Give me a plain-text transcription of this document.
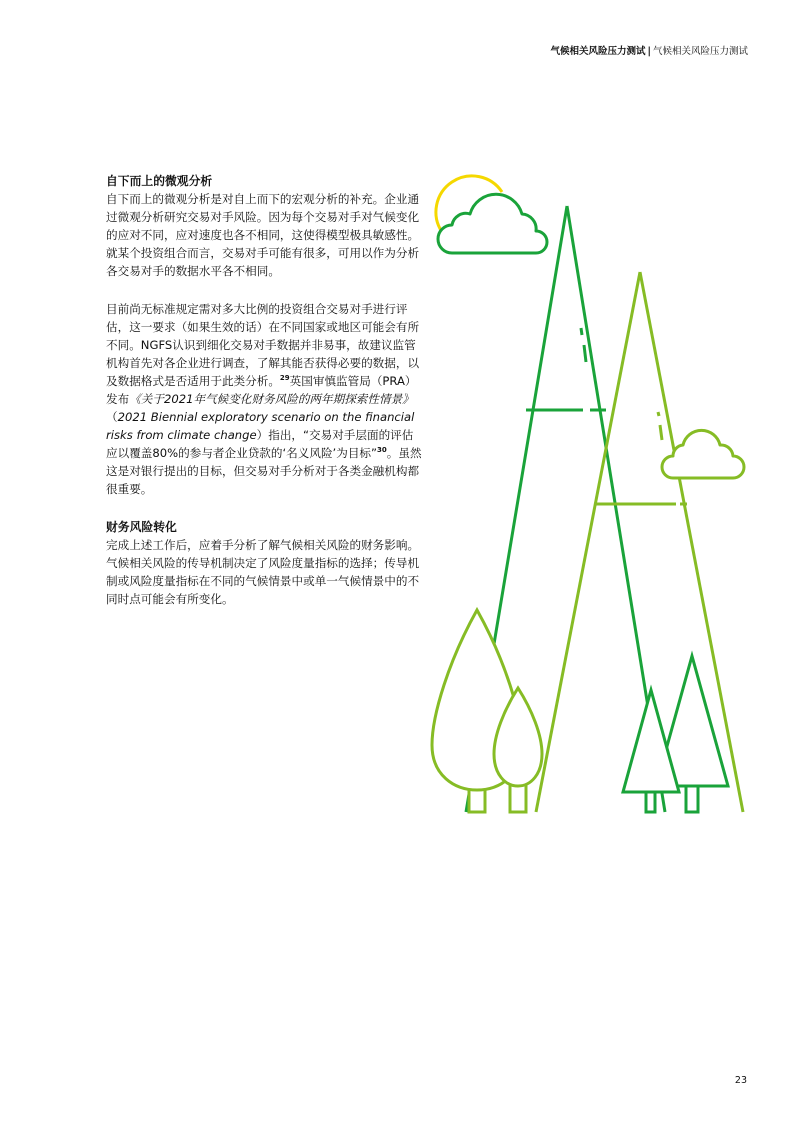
气候相关风险压力测试 | 气候相关风险压力测试
自下而上的微观分析

自下而上的微观分析是对自上而下的宏观分析的补充。企业通过微观分析研究交易对手风险。因为每个交易对手对气候变化的应对不同，应对速度也各不相同，这使得模型极具敏感性。就某个投资组合而言，交易对手可能有很多，可用以作为分析各交易对手的数据水平各不相同。

目前尚无标准规定需对多大比例的投资组合交易对手进行评估，这一要求（如果生效的话）在不同国家或地区可能会有所不同。NGFS认识到细化交易对手数据并非易事，故建议监管机构首先对各企业进行调查，了解其能否获得必要的数据，以及数据格式是否适用于此类分析。$^{29}$英国审慎监管局（PRA）发布《关于2021年气候变化财务风险的两年期探索性情景》（2021 Biennial exploratory scenario on the financial risks from climate change）指出，“交易对手层面的评估应以覆盖80%的参与者企业贷款的‘名义风险’为目标”$^{30}$。虽然这是对银行提出的目标，但交易对手分析对于各类金融机构都很重要。

财务风险转化

完成上述工作后，应着手分析了解气候相关风险的财务影响。气候相关风险的传导机制决定了风险度量指标的选择；传导机制或风险度量指标在不同的气候情景中或单一气候情景中的不同时点可能会有所变化。

23
